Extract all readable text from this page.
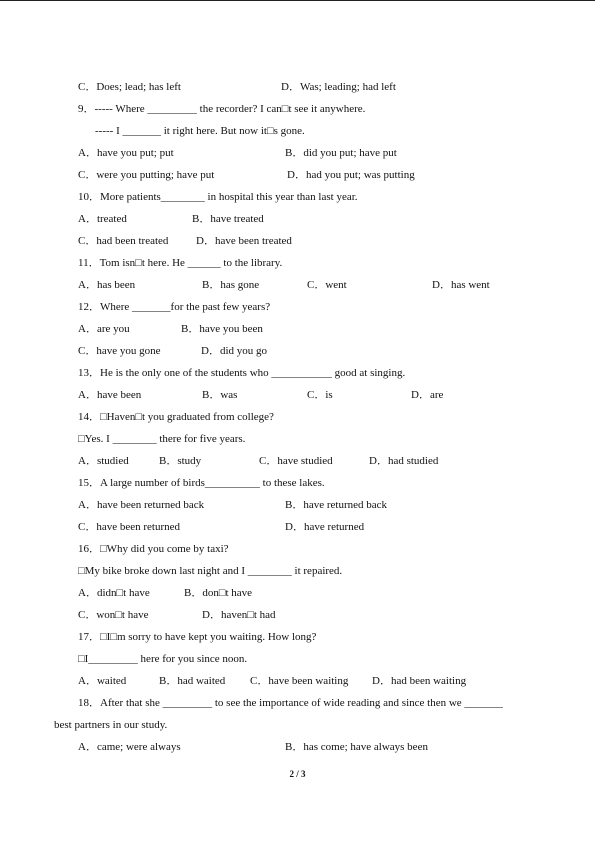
C．Does; lead; has left	D．Was; leading; had left
9．----- Where _________ the recorder? I can□t see it anywhere.
----- I _______ it right here. But now it□s gone.
A．have you put; put	B．did you put; have put
C．were you putting; have put	D．had you put; was putting
10．More patients________ in hospital this year than last year.
A．treated	B．have treated
C．had been treated	D．have been treated
11．Tom isn□t here. He ______ to the library.
A．has been	B．has gone	C．went	D．has went
12．Where _______for the past few years?
A．are you	B．have you been
C．have you gone	D．did you go
13．He is the only one of the students who ___________ good at singing.
A．have been	B．was	C．is	D．are
14．□Haven□t you graduated from college?
□Yes. I ________ there for five years.
A．studied	B．study	C．have studied	D．had studied
15．A large number of birds__________ to these lakes.
A．have been returned back	B．have returned back
C．have been returned	D．have returned
16．□Why did you come by taxi?
□My bike broke down last night and I ________ it repaired.
A．didn□t have	B．don□t have
C．won□t have	D．haven□t had
17．□I□m sorry to have kept you waiting. How long?
□I_________ here for you since noon.
A．waited	B．had waited C．have been waiting D．had been waiting
18．After that she _________ to see the importance of wide reading and since then we _______
best partners in our study.
A．came; were always	B．has come; have always been
2 / 3
